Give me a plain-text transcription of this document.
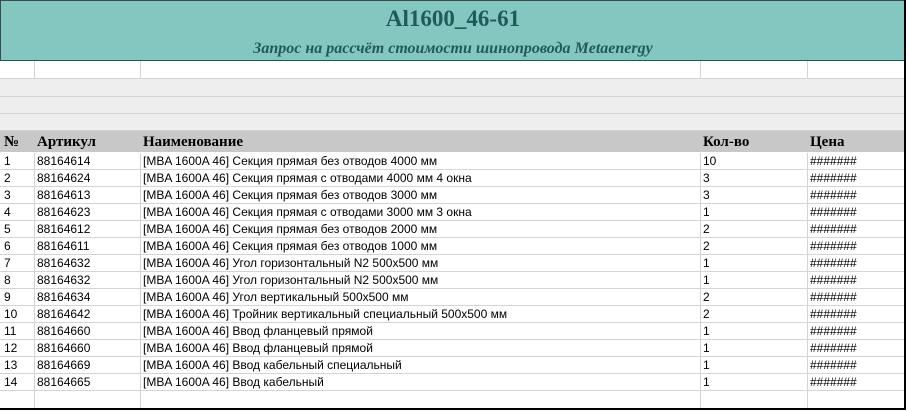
Al1600_46-61
Запрос на рассчёт стоимости шинопровода Metaenergy
№ Артикул	Наименование	Кол-во	Цена
1 88164614	[MBA 1600A 46] Секция прямая без отводов 4000 мм	10	#######
2 88164624	[MBA 1600A 46] Секция прямая с отводами 4000 мм 4 окна	3	#######
3 88164613	[MBA 1600A 46] Секция прямая без отводов 3000 мм	3	#######
4 88164623	[MBA 1600A 46] Секция прямая с отводами 3000 мм 3 окна	1	#######
5 88164612	[MBA 1600A 46] Секция прямая без отводов 2000 мм	2	#######
6 88164611	[MBA 1600A 46] Секция прямая без отводов 1000 мм	2	#######
7 88164632	[MBA 1600A 46] Угол горизонтальный N2 500х500 мм	1	#######
8 88164632	[MBA 1600A 46] Угол горизонтальный N2 500х500 мм	1	#######
9 88164634	[MBA 1600A 46] Угол вертикальный 500х500 мм	2	#######
10 88164642	[MBA 1600A 46] Тройник вертикальный специальный 500х500 мм	2	#######
11 88164660	[MBA 1600A 46] Ввод фланцевый прямой	1	#######
12 88164660	[MBA 1600A 46] Ввод фланцевый прямой	1	#######
13 88164669	[MBA 1600A 46] Ввод кабельный специальный	1	#######
14 88164665	[MBA 1600A 46] Ввод кабельный	1	#######
